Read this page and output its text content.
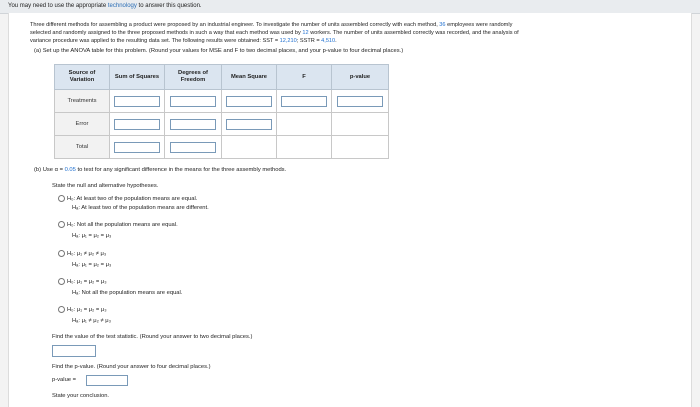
You may need to use the appropriate technology to answer this question.
Three different methods for assembling a product were proposed by an industrial engineer. To investigate the number of units assembled correctly with each method, 36 employees were randomly
selected and randomly assigned to the three proposed methods in such a way that each method was used by 12 workers. The number of units assembled correctly was recorded, and the analysis of
variance procedure was applied to the resulting data set. The following results were obtained: SST = 12,210; SSTR = 4,510.
(a) Set up the ANOVA table for this problem. (Round your values for MSE and F to two decimal places, and your p-value to four decimal places.)
Source of Variation	Sum of Squares	Degrees of Freedom	Mean Square	F	p-value
Treatments					
Error					
Total					
(b) Use α = 0.05 to test for any significant difference in the means for the three assembly methods.
State the null and alternative hypotheses.
H₀: At least two of the population means are equal.
Hₐ: At least two of the population means are different.
H₀: Not all the population means are equal.
Hₐ: μ₁ = μ₂ = μ₃
H₀: μ₁ ≠ μ₂ ≠ μ₃
Hₐ: μ₁ = μ₂ = μ₃
H₀: μ₁ = μ₂ = μ₃
Hₐ: Not all the population means are equal.
H₀: μ₁ = μ₂ = μ₃
Hₐ: μ₁ ≠ μ₂ ≠ μ₃
Find the value of the test statistic. (Round your answer to two decimal places.)
Find the p-value. (Round your answer to four decimal places.)
p-value =
State your conclusion.
